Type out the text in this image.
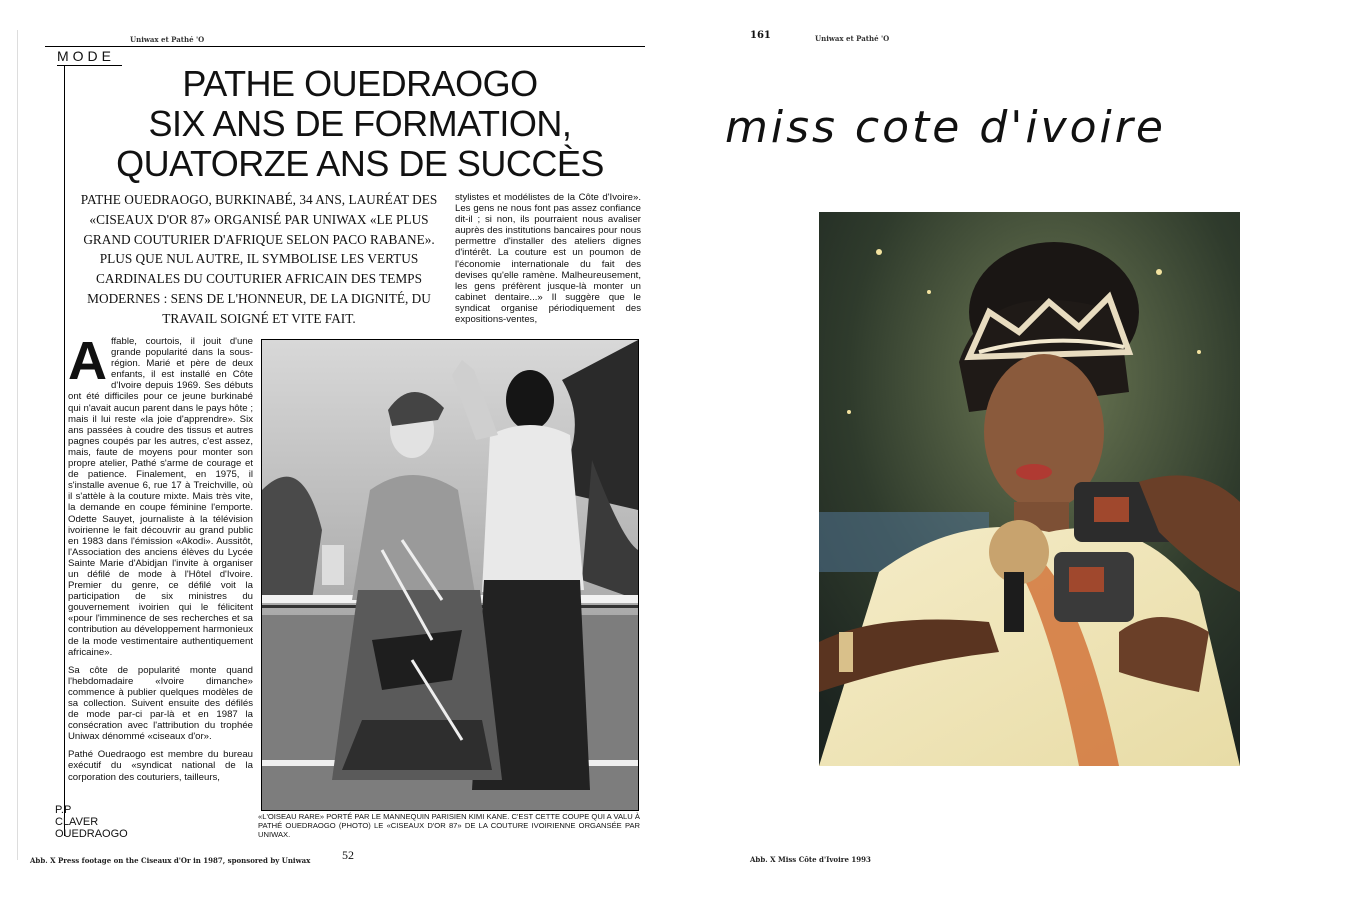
Uniwax et Pathé 'O
MODE
PATHE OUEDRAOGO
SIX ANS DE FORMATION,
QUATORZE ANS DE SUCCÈS
PATHE OUEDRAOGO, BURKINABÉ, 34 ANS, LAURÉAT DES «CISEAUX D'OR 87» ORGANISÉ PAR UNIWAX «LE PLUS GRAND COUTURIER D'AFRIQUE SELON PACO RABANE». PLUS QUE NUL AUTRE, IL SYMBOLISE LES VERTUS CARDINALES DU COUTURIER AFRICAIN DES TEMPS MODERNES : SENS DE L'HONNEUR, DE LA DIGNITÉ, DU TRAVAIL SOIGNÉ ET VITE FAIT.
stylistes et modélistes de la Côte d'Ivoire». Les gens ne nous font pas assez confiance dit-il ; si non, ils pourraient nous avaliser auprès des institutions bancaires pour nous permettre d'installer des ateliers dignes d'intérêt. La couture est un poumon de l'économie internationale du fait des devises qu'elle ramène. Malheureusement, les gens préfèrent jusque-là monter un cabinet dentaire...» Il suggère que le syndicat organise périodiquement des expositions-ventes,

Affable, courtois, il jouit d'une grande popularité dans la sous-région. Marié et père de deux enfants, il est installé en Côte d'Ivoire depuis 1969. Ses débuts ont été difficiles pour ce jeune burkinabé qui n'avait aucun parent dans le pays hôte ; mais il lui reste «la joie d'apprendre». Six ans passées à coudre des tissus et autres pagnes coupés par les autres, c'est assez, mais, faute de moyens pour monter son propre atelier, Pathé s'arme de courage et de patience. Finalement, en 1975, il s'installe avenue 6, rue 17 à Treichville, où il s'attèle à la couture mixte. Mais très vite, la demande en coupe féminine l'emporte. Odette Sauyet, journaliste à la télévision ivoirienne le fait découvrir au grand public en 1983 dans l'émission «Akodi». Aussitôt, l'Association des anciens élèves du Lycée Sainte Marie d'Abidjan l'invite à organiser un défilé de mode à l'Hôtel d'Ivoire. Premier du genre, ce défilé voit la participation de six ministres du gouvernement ivoirien qui le félicitent «pour l'imminence de ses recherches et sa contribution au développement harmonieux de la mode vestimentaire authentiquement africaine».

Sa côte de popularité monte quand l'hebdomadaire «Ivoire dimanche» commence à publier quelques modèles de sa collection. Suivent ensuite des défilés de mode par-ci par-là et en 1987 la consécration avec l'attribution du trophée Uniwax dénommé «ciseaux d'or».

Pathé Ouedraogo est membre du bureau exécutif du «syndicat national de la corporation des couturiers, tailleurs,

«L'OISEAU RARE» PORTÉ PAR LE MANNEQUIN PARISIEN KIMI KANE. C'EST CETTE COUPE QUI A VALU À PATHÉ OUEDRAOGO (PHOTO) LE «CISEAUX D'OR 87» DE LA COUTURE IVOIRIENNE ORGANSÉE PAR UNIWAX.
P.P
CLAVER
OUEDRAOGO
52
Abb. X Press footage on the Ciseaux d'Or in 1987, sponsored by Uniwax
161	Uniwax et Pathé 'O
miss cote d'ivoire
Abb. X Miss Côte d'Ivoire 1993
